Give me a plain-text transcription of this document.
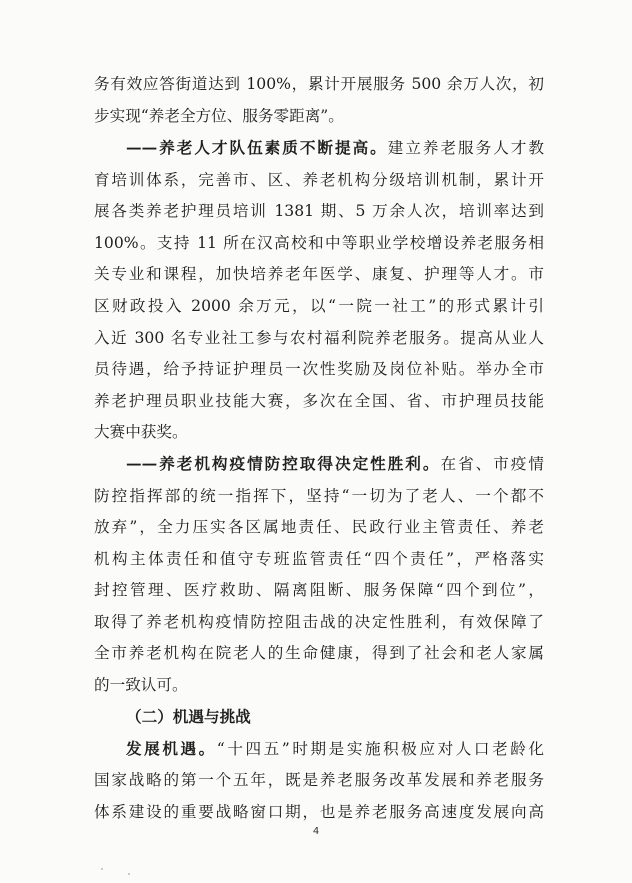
务有效应答街道达到 100%，累计开展服务 500 余万人次，初
步实现“养老全方位、服务零距离”。
——养老人才队伍素质不断提高。建立养老服务人才教
育培训体系，完善市、区、养老机构分级培训机制，累计开
展各类养老护理员培训 1381 期、5 万余人次，培训率达到
100%。支持 11 所在汉高校和中等职业学校增设养老服务相
关专业和课程，加快培养老年医学、康复、护理等人才。市
区财政投入 2000 余万元，以“一院一社工”的形式累计引
入近 300 名专业社工参与农村福利院养老服务。提高从业人
员待遇，给予持证护理员一次性奖励及岗位补贴。举办全市
养老护理员职业技能大赛，多次在全国、省、市护理员技能
大赛中获奖。
——养老机构疫情防控取得决定性胜利。在省、市疫情
防控指挥部的统一指挥下，坚持“一切为了老人、一个都不
放弃”，全力压实各区属地责任、民政行业主管责任、养老
机构主体责任和值守专班监管责任“四个责任”，严格落实
封控管理、医疗救助、隔离阻断、服务保障“四个到位”，
取得了养老机构疫情防控阻击战的决定性胜利，有效保障了
全市养老机构在院老人的生命健康，得到了社会和老人家属
的一致认可。
（二）机遇与挑战
发展机遇。“十四五”时期是实施积极应对人口老龄化
国家战略的第一个五年，既是养老服务改革发展和养老服务
体系建设的重要战略窗口期，也是养老服务高速度发展向高
4
